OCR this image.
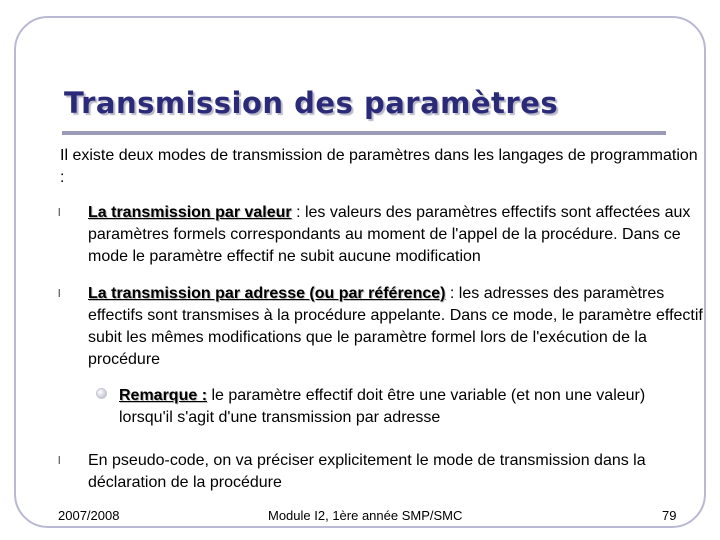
Transmission des paramètres
Il existe deux modes de transmission de paramètres dans les langages de programmation :
l La transmission par valeur : les valeurs des paramètres effectifs sont affectées aux paramètres formels correspondants au moment de l'appel de la procédure. Dans ce mode le paramètre effectif ne subit aucune modification
l La transmission par adresse (ou par référence) : les adresses des paramètres effectifs sont transmises à la procédure appelante. Dans ce mode, le paramètre effectif subit les mêmes modifications que le paramètre formel lors de l'exécution de la procédure
Remarque : le paramètre effectif doit être une variable (et non une valeur) lorsqu'il s'agit d'une transmission par adresse
l En pseudo-code, on va préciser explicitement le mode de transmission dans la déclaration de la procédure
2007/2008	Module I2, 1ère année SMP/SMC	79
